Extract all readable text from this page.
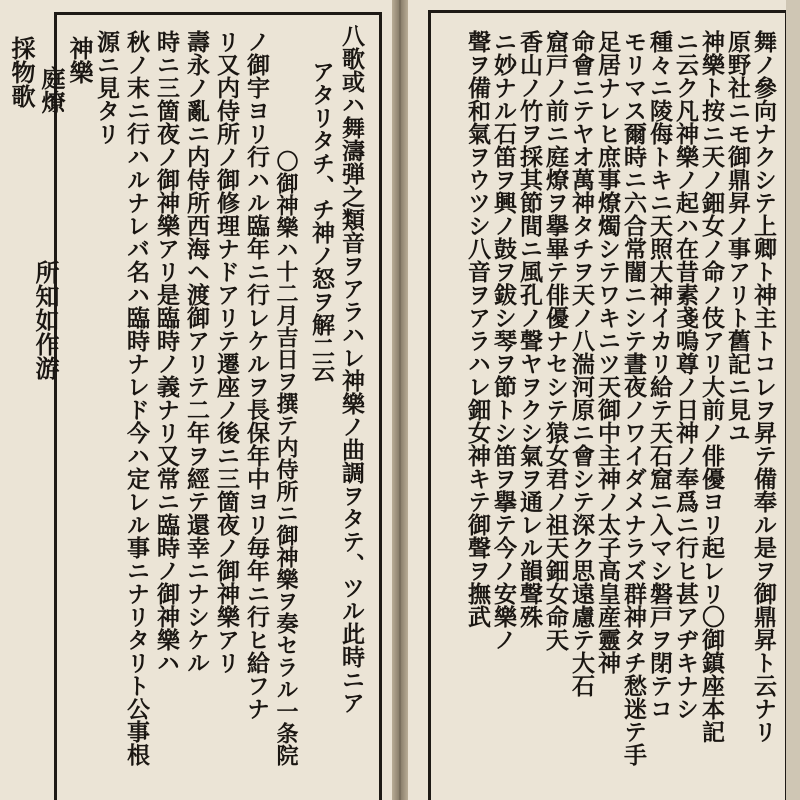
八歌或ハ舞濤弾之類音ヲアラハレ神樂ノ曲調ヲタテ、ツル此時ニア
アタリタチ、チ神ノ怒ヲ解二云
〇御神樂ハ十二月吉日ヲ撰テ内侍所ニ御神樂ヲ奏セラル一条院
ノ御宇ヨリ行ハル臨年ニ行レケルヲ長保年中ヨリ毎年ニ行ヒ給フナ
リ又内侍所ノ御修理ナドアリテ遷座ノ後ニ三箇夜ノ御神樂アリ
壽永ノ亂ニ内侍所西海ヘ渡御アリテ二年ヲ經テ還幸ニナシケル
時ニ三箇夜ノ御神樂アリ是臨時ノ義ナリ又常ニ臨時ノ御神樂ハ
秋ノ末ニ行ハルナレバ名ハ臨時ナレド今ハ定レル事ニナリタリト公事根
源ニ見タリ
神樂
庭燎
採物歌
所知如作游	舞ノ參向ナクシテ上卿ト神主トコレヲ昇テ備奉ル是ヲ御鼎昇ト云ナリ
原野社ニモ御鼎昇ノ事アリト舊記ニ見ユ
神樂ト按ニ天ノ鈿女ノ命ノ伎アリ大前ノ俳優ヨリ起レリ〇御鎮座本記
ニ云ク凡神樂ノ起ハ在昔素戔嗚尊ノ日神ノ奉爲ニ行ヒ甚アヂキナシ
種々ニ陵侮トキニ天照大神イカリ給テ天石窟ニ入マシ磐戸ヲ閉テコ
モリマス爾時ニ六合常闇ニシテ晝夜ノワイダメナラズ群神タチ愁迷テ手
足居ナレヒ庶事燎燭シテワキニツ天御中主神ノ太子高皇産靈神
命會ニテヤオ萬神タチヲ天ノ八湍河原ニ會シテ深ク思遠慮テ大石
窟戸ノ前ニ庭燎ヲ擧畢テ俳優ナセシテ猿女君ノ祖天鈿女命天
香山ノ竹ヲ採其節間ニ風孔ノ聲ヤヲクシ氣ヲ通レル韻聲殊
ニ妙ナル石笛ヲ興ノ鼓ヲ鈸シ琴ヲ節トシ笛ヲ擧テ今ノ安樂ノ
聲ヲ備和氣ヲウツシ八音ヲアラハレ鈿女神キテ御聲ヲ撫武
